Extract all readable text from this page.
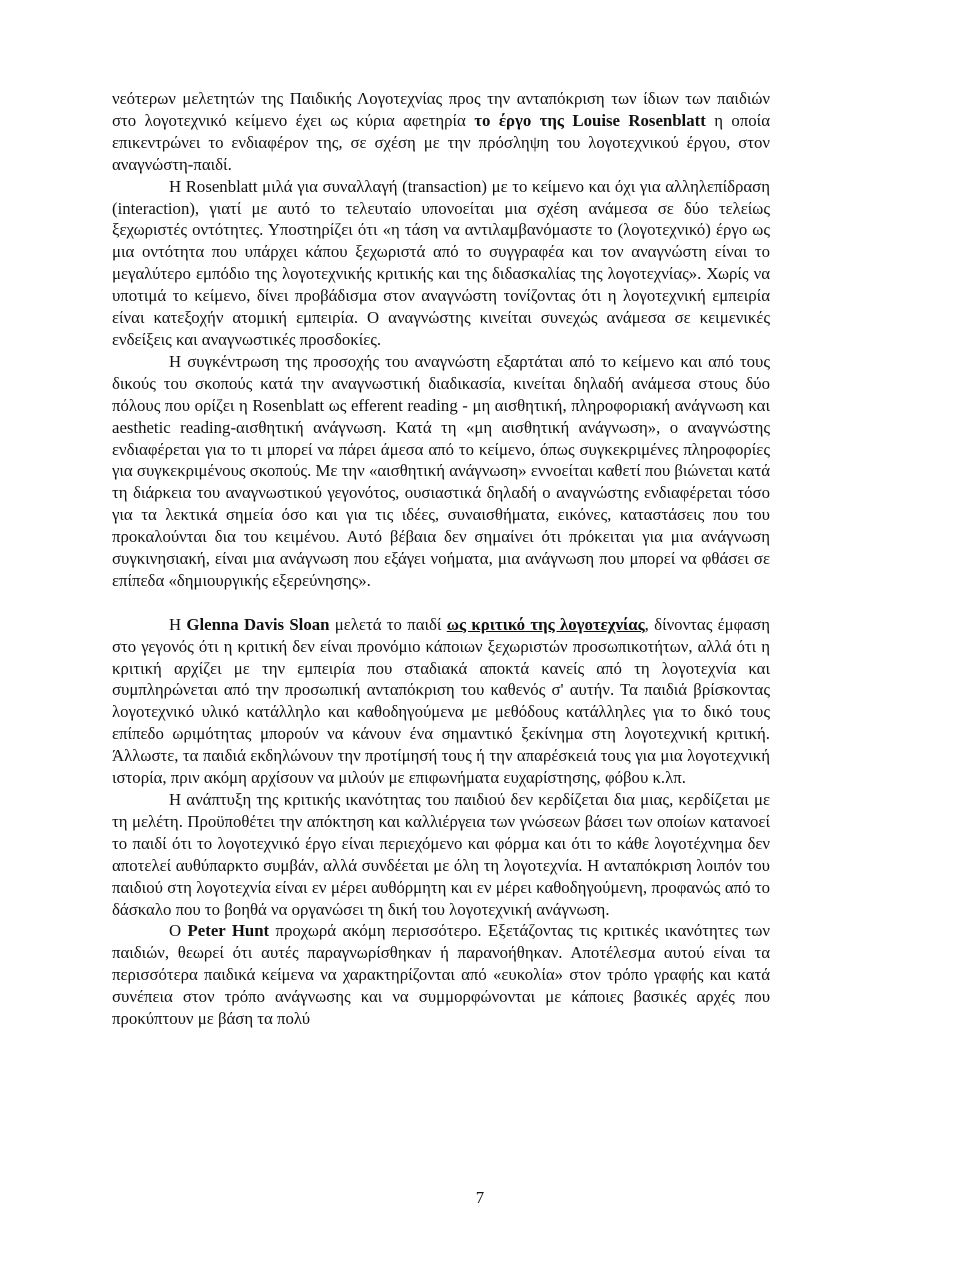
νεότερων μελετητών της Παιδικής Λογοτεχνίας προς την ανταπόκριση των ίδιων των παιδιών στο λογοτεχνικό κείμενο έχει ως κύρια αφετηρία το έργο της Louise Rosenblatt η οποία επικεντρώνει το ενδιαφέρον της, σε σχέση με την πρόσληψη του λογοτεχνικού έργου, στον αναγνώστη-παιδί.

Η Rosenblatt μιλά για συναλλαγή (transaction) με το κείμενο και όχι για αλληλεπίδραση (interaction), γιατί με αυτό το τελευταίο υπονοείται μια σχέση ανάμεσα σε δύο τελείως ξεχωριστές οντότητες. Υποστηρίζει ότι «η τάση να αντιλαμβανόμαστε το (λογοτεχνικό) έργο ως μια οντότητα που υπάρχει κάπου ξεχωριστά από το συγγραφέα και τον αναγνώστη είναι το μεγαλύτερο εμπόδιο της λογοτεχνικής κριτικής και της διδασκαλίας της λογοτεχνίας». Χωρίς να υποτιμά το κείμενο, δίνει προβάδισμα στον αναγνώστη τονίζοντας ότι η λογοτεχνική εμπειρία είναι κατεξοχήν ατομική εμπειρία. Ο αναγνώστης κινείται συνεχώς ανάμεσα σε κειμενικές ενδείξεις και αναγνωστικές προσδοκίες.

Η συγκέντρωση της προσοχής του αναγνώστη εξαρτάται από το κείμενο και από τους δικούς του σκοπούς κατά την αναγνωστική διαδικασία, κινείται δηλαδή ανάμεσα στους δύο πόλους που ορίζει η Rosenblatt ως efferent reading - μη αισθητική, πληροφοριακή ανάγνωση και aesthetic reading-αισθητική ανάγνωση. Κατά τη «μη αισθητική ανάγνωση», ο αναγνώστης ενδιαφέρεται για το τι μπορεί να πάρει άμεσα από το κείμενο, όπως συγκεκριμένες πληροφορίες για συγκεκριμένους σκοπούς. Με την «αισθητική ανάγνωση» εννοείται καθετί που βιώνεται κατά τη διάρκεια του αναγνωστικού γεγονότος, ουσιαστικά δηλαδή ο αναγνώστης ενδιαφέρεται τόσο για τα λεκτικά σημεία όσο και για τις ιδέες, συναισθήματα, εικόνες, καταστάσεις που του προκαλούνται δια του κειμένου. Αυτό βέβαια δεν σημαίνει ότι πρόκειται για μια ανάγνωση συγκινησιακή, είναι μια ανάγνωση που εξάγει νοήματα, μια ανάγνωση που μπορεί να φθάσει σε επίπεδα «δημιουργικής εξερεύνησης».

Η Glenna Davis Sloan μελετά το παιδί ως κριτικό της λογοτεχνίας, δίνοντας έμφαση στο γεγονός ότι η κριτική δεν είναι προνόμιο κάποιων ξεχωριστών προσωπικοτήτων, αλλά ότι η κριτική αρχίζει με την εμπειρία που σταδιακά αποκτά κανείς από τη λογοτεχνία και συμπληρώνεται από την προσωπική ανταπόκριση του καθενός σ' αυτήν. Τα παιδιά βρίσκοντας λογοτεχνικό υλικό κατάλληλο και καθοδηγούμενα με μεθόδους κατάλληλες για το δικό τους επίπεδο ωριμότητας μπορούν να κάνουν ένα σημαντικό ξεκίνημα στη λογοτεχνική κριτική. Άλλωστε, τα παιδιά εκδηλώνουν την προτίμησή τους ή την απαρέσκειά τους για μια λογοτεχνική ιστορία, πριν ακόμη αρχίσουν να μιλούν με επιφωνήματα ευχαρίστησης, φόβου κ.λπ.

Η ανάπτυξη της κριτικής ικανότητας του παιδιού δεν κερδίζεται δια μιας, κερδίζεται με τη μελέτη. Προϋποθέτει την απόκτηση και καλλιέργεια των γνώσεων βάσει των οποίων κατανοεί το παιδί ότι το λογοτεχνικό έργο είναι περιεχόμενο και φόρμα και ότι το κάθε λογοτέχνημα δεν αποτελεί αυθύπαρκτο συμβάν, αλλά συνδέεται με όλη τη λογοτεχνία. Η ανταπόκριση λοιπόν του παιδιού στη λογοτεχνία είναι εν μέρει αυθόρμητη και εν μέρει καθοδηγούμενη, προφανώς από το δάσκαλο που το βοηθά να οργανώσει τη δική του λογοτεχνική ανάγνωση.

Ο Peter Hunt προχωρά ακόμη περισσότερο. Εξετάζοντας τις κριτικές ικανότητες των παιδιών, θεωρεί ότι αυτές παραγνωρίσθηκαν ή παρανοήθηκαν. Αποτέλεσμα αυτού είναι τα περισσότερα παιδικά κείμενα να χαρακτηρίζονται από «ευκολία» στον τρόπο γραφής και κατά συνέπεια στον τρόπο ανάγνωσης και να συμμορφώνονται με κάποιες βασικές αρχές που προκύπτουν με βάση τα πολύ

7
